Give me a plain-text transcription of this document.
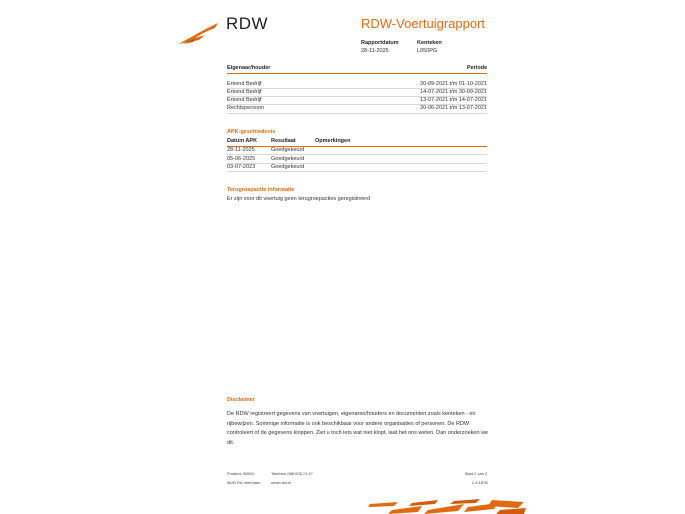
RDW	RDW-Voertuigrapport
Rapportdatum
28-11-2025
Kenteken
L050PG
Eigenaar/houder	Periode
Erkend Bedrijf	30-09-2021 t/m 01-10-2021
Erkend Bedrijf	14-07-2021 t/m 30-09-2021
Erkend Bedrijf	13-07-2021 t/m 14-07-2021
Rechtspersoon	30-06-2021 t/m 13-07-2021
APK-geschiedenis
Datum APK	Resultaat	Opmerkingen
28-11-2025	Goedgekeurd
05-06-2025	Goedgekeurd
03-07-2023	Goedgekeurd
Terugroepactie informatie
Er zijn voor dit voertuig geen terugroepacties geregistreerd
Disclaimer
De RDW registreert gegevens van voertuigen, eigenaren/houders en documenten zoals kenteken - en rijbewijzen. Sommige informatie is ook beschikbaar voor andere organisaties of personen. De RDW controleert of de gegevens kloppen. Ziet u toch iets wat niet klopt, laat het ons weten. Dan onderzoeken we dit.
Postbus 30000
9640 RA Veendam
Telefoon 088 008 74 47
www.rdw.nl
Blad 2 van 2
2.6 1878
